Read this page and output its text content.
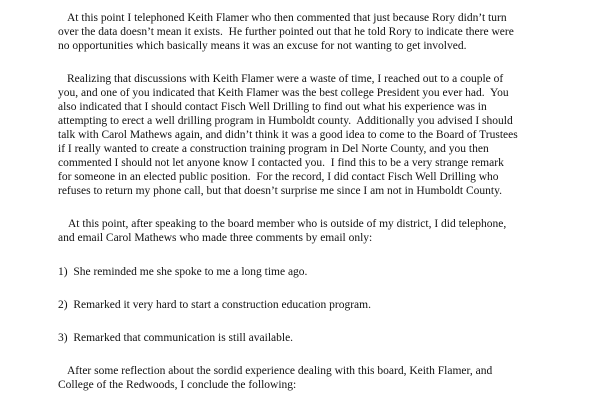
At this point I telephoned Keith Flamer who then commented that just because Rory didn’t turn
over the data doesn’t mean it exists.  He further pointed out that he told Rory to indicate there were
no opportunities which basically means it was an excuse for not wanting to get involved.
Realizing that discussions with Keith Flamer were a waste of time, I reached out to a couple of
you, and one of you indicated that Keith Flamer was the best college President you ever had.  You
also indicated that I should contact Fisch Well Drilling to find out what his experience was in
attempting to erect a well drilling program in Humboldt county.  Additionally you advised I should
talk with Carol Mathews again, and didn’t think it was a good idea to come to the Board of Trustees
if I really wanted to create a construction training program in Del Norte County, and you then
commented I should not let anyone know I contacted you.  I find this to be a very strange remark
for someone in an elected public position.  For the record, I did contact Fisch Well Drilling who
refuses to return my phone call, but that doesn’t surprise me since I am not in Humboldt County.
At this point, after speaking to the board member who is outside of my district, I did telephone,
and email Carol Mathews who made three comments by email only:
1)  She reminded me she spoke to me a long time ago.
2)  Remarked it very hard to start a construction education program.
3)  Remarked that communication is still available.
After some reflection about the sordid experience dealing with this board, Keith Flamer, and
College of the Redwoods, I conclude the following:
